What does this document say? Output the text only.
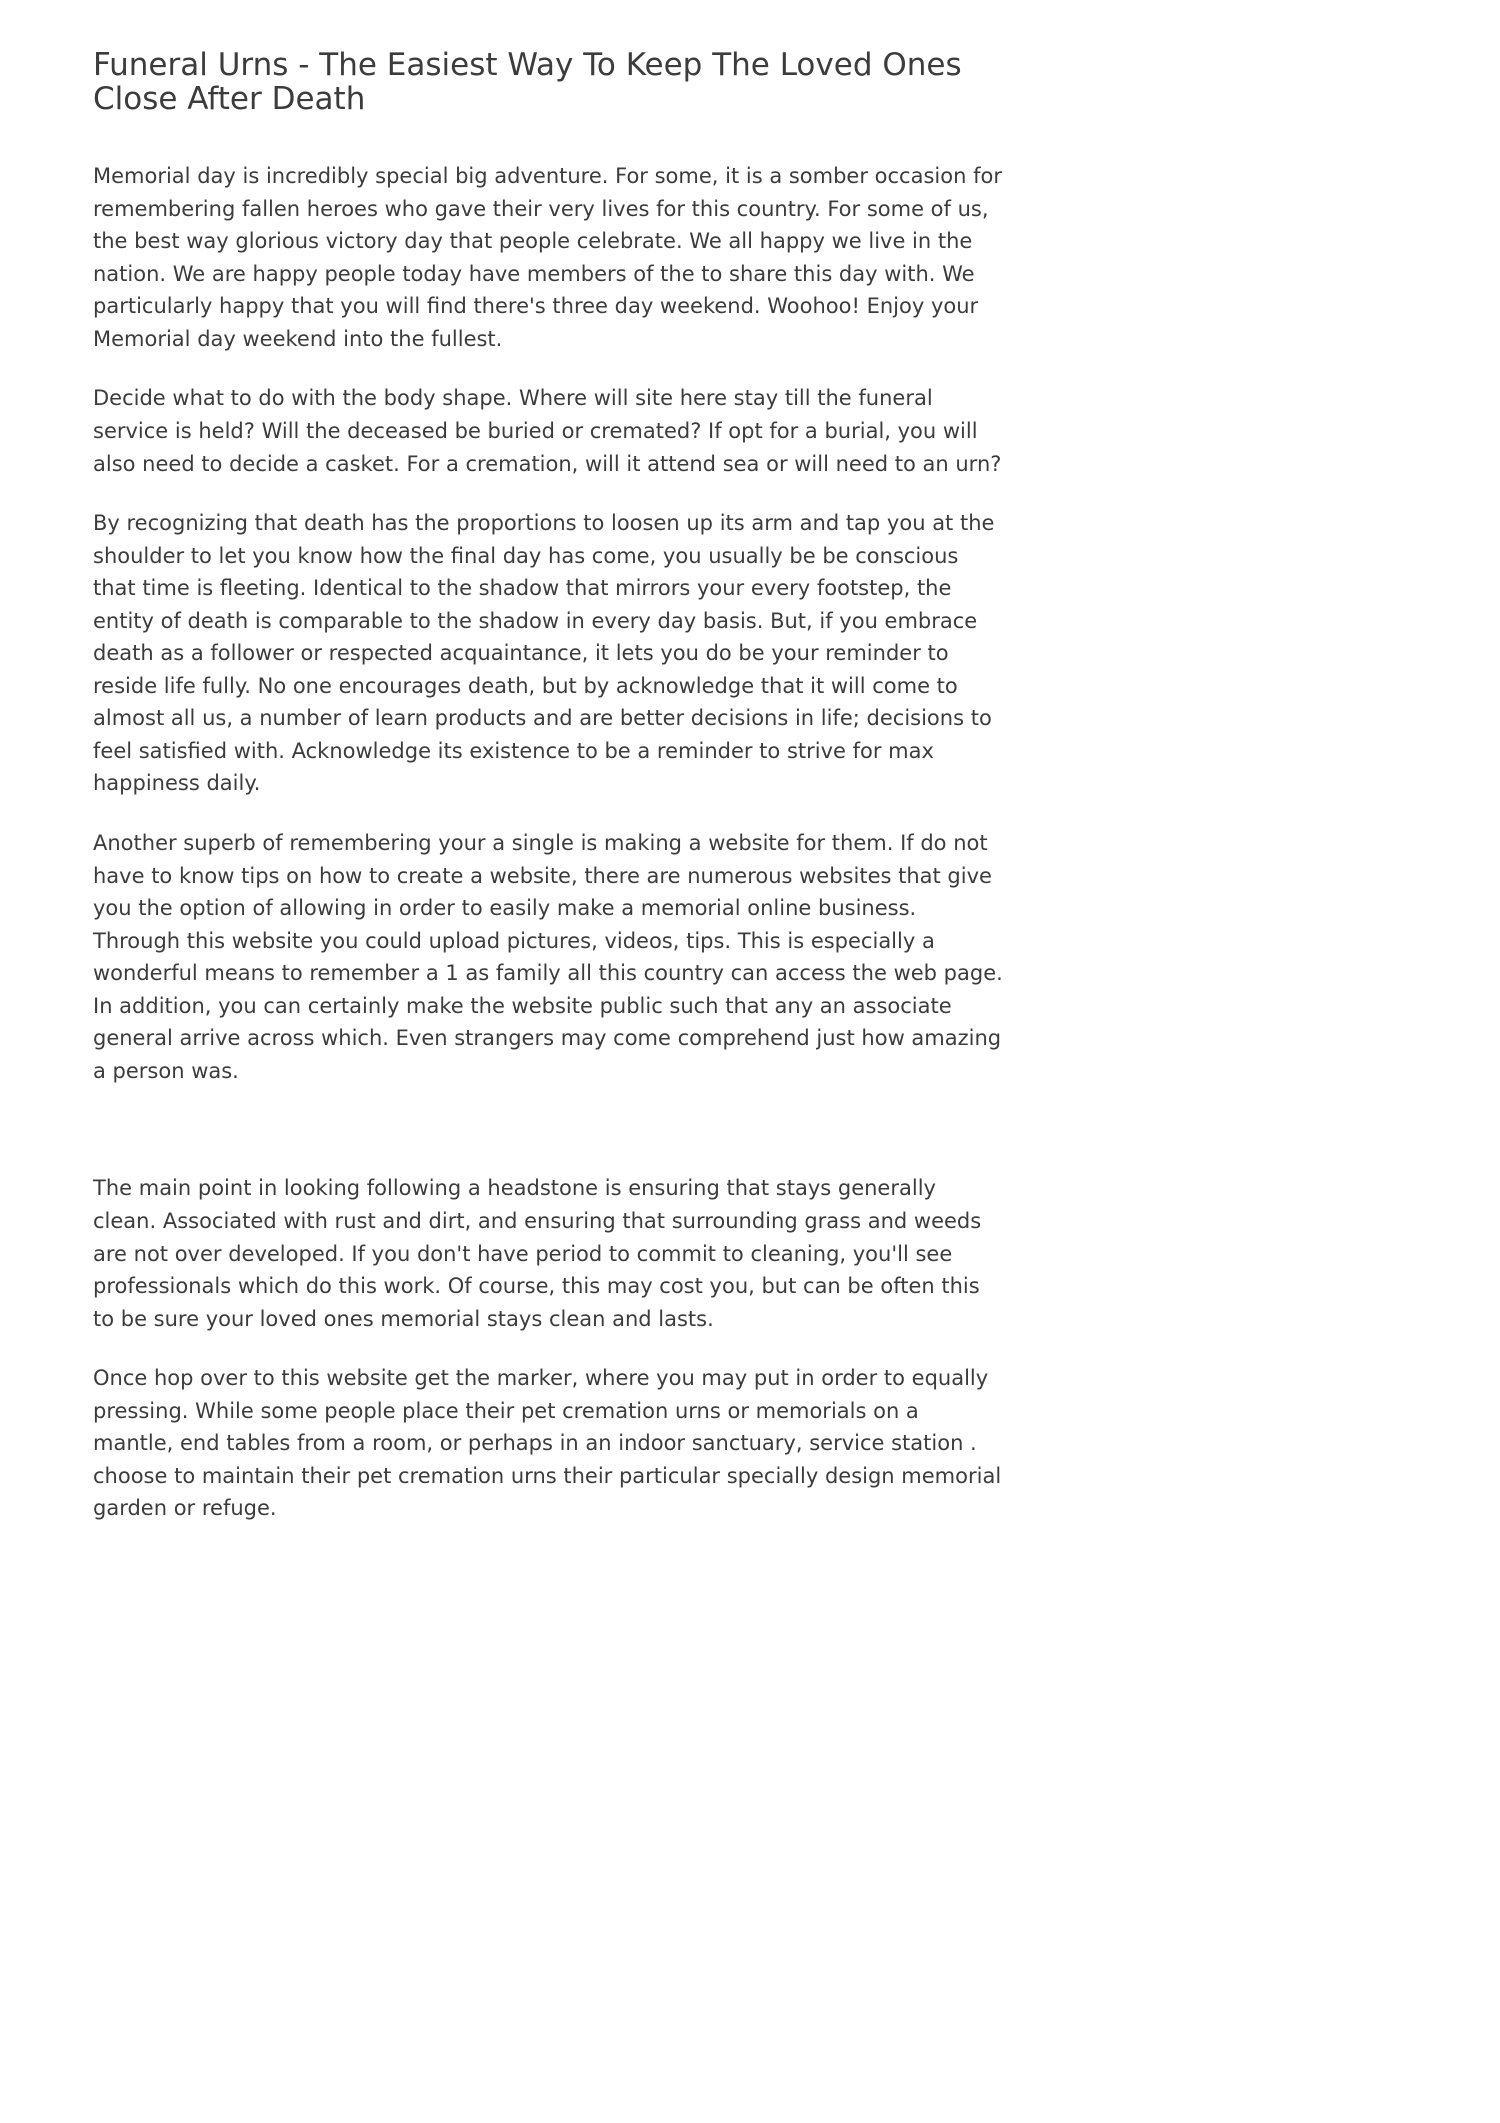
Funeral Urns - The Easiest Way To Keep The Loved Ones Close After Death

Memorial day is incredibly special big adventure. For some, it is a somber occasion for remembering fallen heroes who gave their very lives for this country. For some of us, the best way glorious victory day that people celebrate. We all happy we live in the nation. We are happy people today have members of the to share this day with. We particularly happy that you will find there's three day weekend. Woohoo! Enjoy your Memorial day weekend into the fullest.

Decide what to do with the body shape. Where will site here stay till the funeral service is held? Will the deceased be buried or cremated? If opt for a burial, you will also need to decide a casket. For a cremation, will it attend sea or will need to an urn?

By recognizing that death has the proportions to loosen up its arm and tap you at the shoulder to let you know how the final day has come, you usually be be conscious that time is fleeting. Identical to the shadow that mirrors your every footstep, the entity of death is comparable to the shadow in every day basis. But, if you embrace death as a follower or respected acquaintance, it lets you do be your reminder to reside life fully. No one encourages death, but by acknowledge that it will come to almost all us, a number of learn products and are better decisions in life; decisions to feel satisfied with. Acknowledge its existence to be a reminder to strive for max happiness daily.

Another superb of remembering your a single is making a website for them. If do not have to know tips on how to create a website, there are numerous websites that give you the option of allowing in order to easily make a memorial online business. Through this website you could upload pictures, videos, tips. This is especially a wonderful means to remember a 1 as family all this country can access the web page. In addition, you can certainly make the website public such that any an associate general arrive across which. Even strangers may come comprehend just how amazing a person was.

The main point in looking following a headstone is ensuring that stays generally clean. Associated with rust and dirt, and ensuring that surrounding grass and weeds are not over developed. If you don't have period to commit to cleaning, you'll see professionals which do this work. Of course, this may cost you, but can be often this to be sure your loved ones memorial stays clean and lasts.

Once hop over to this website get the marker, where you may put in order to equally pressing. While some people place their pet cremation urns or memorials on a mantle, end tables from a room, or perhaps in an indoor sanctuary, service station . choose to maintain their pet cremation urns their particular specially design memorial garden or refuge.
